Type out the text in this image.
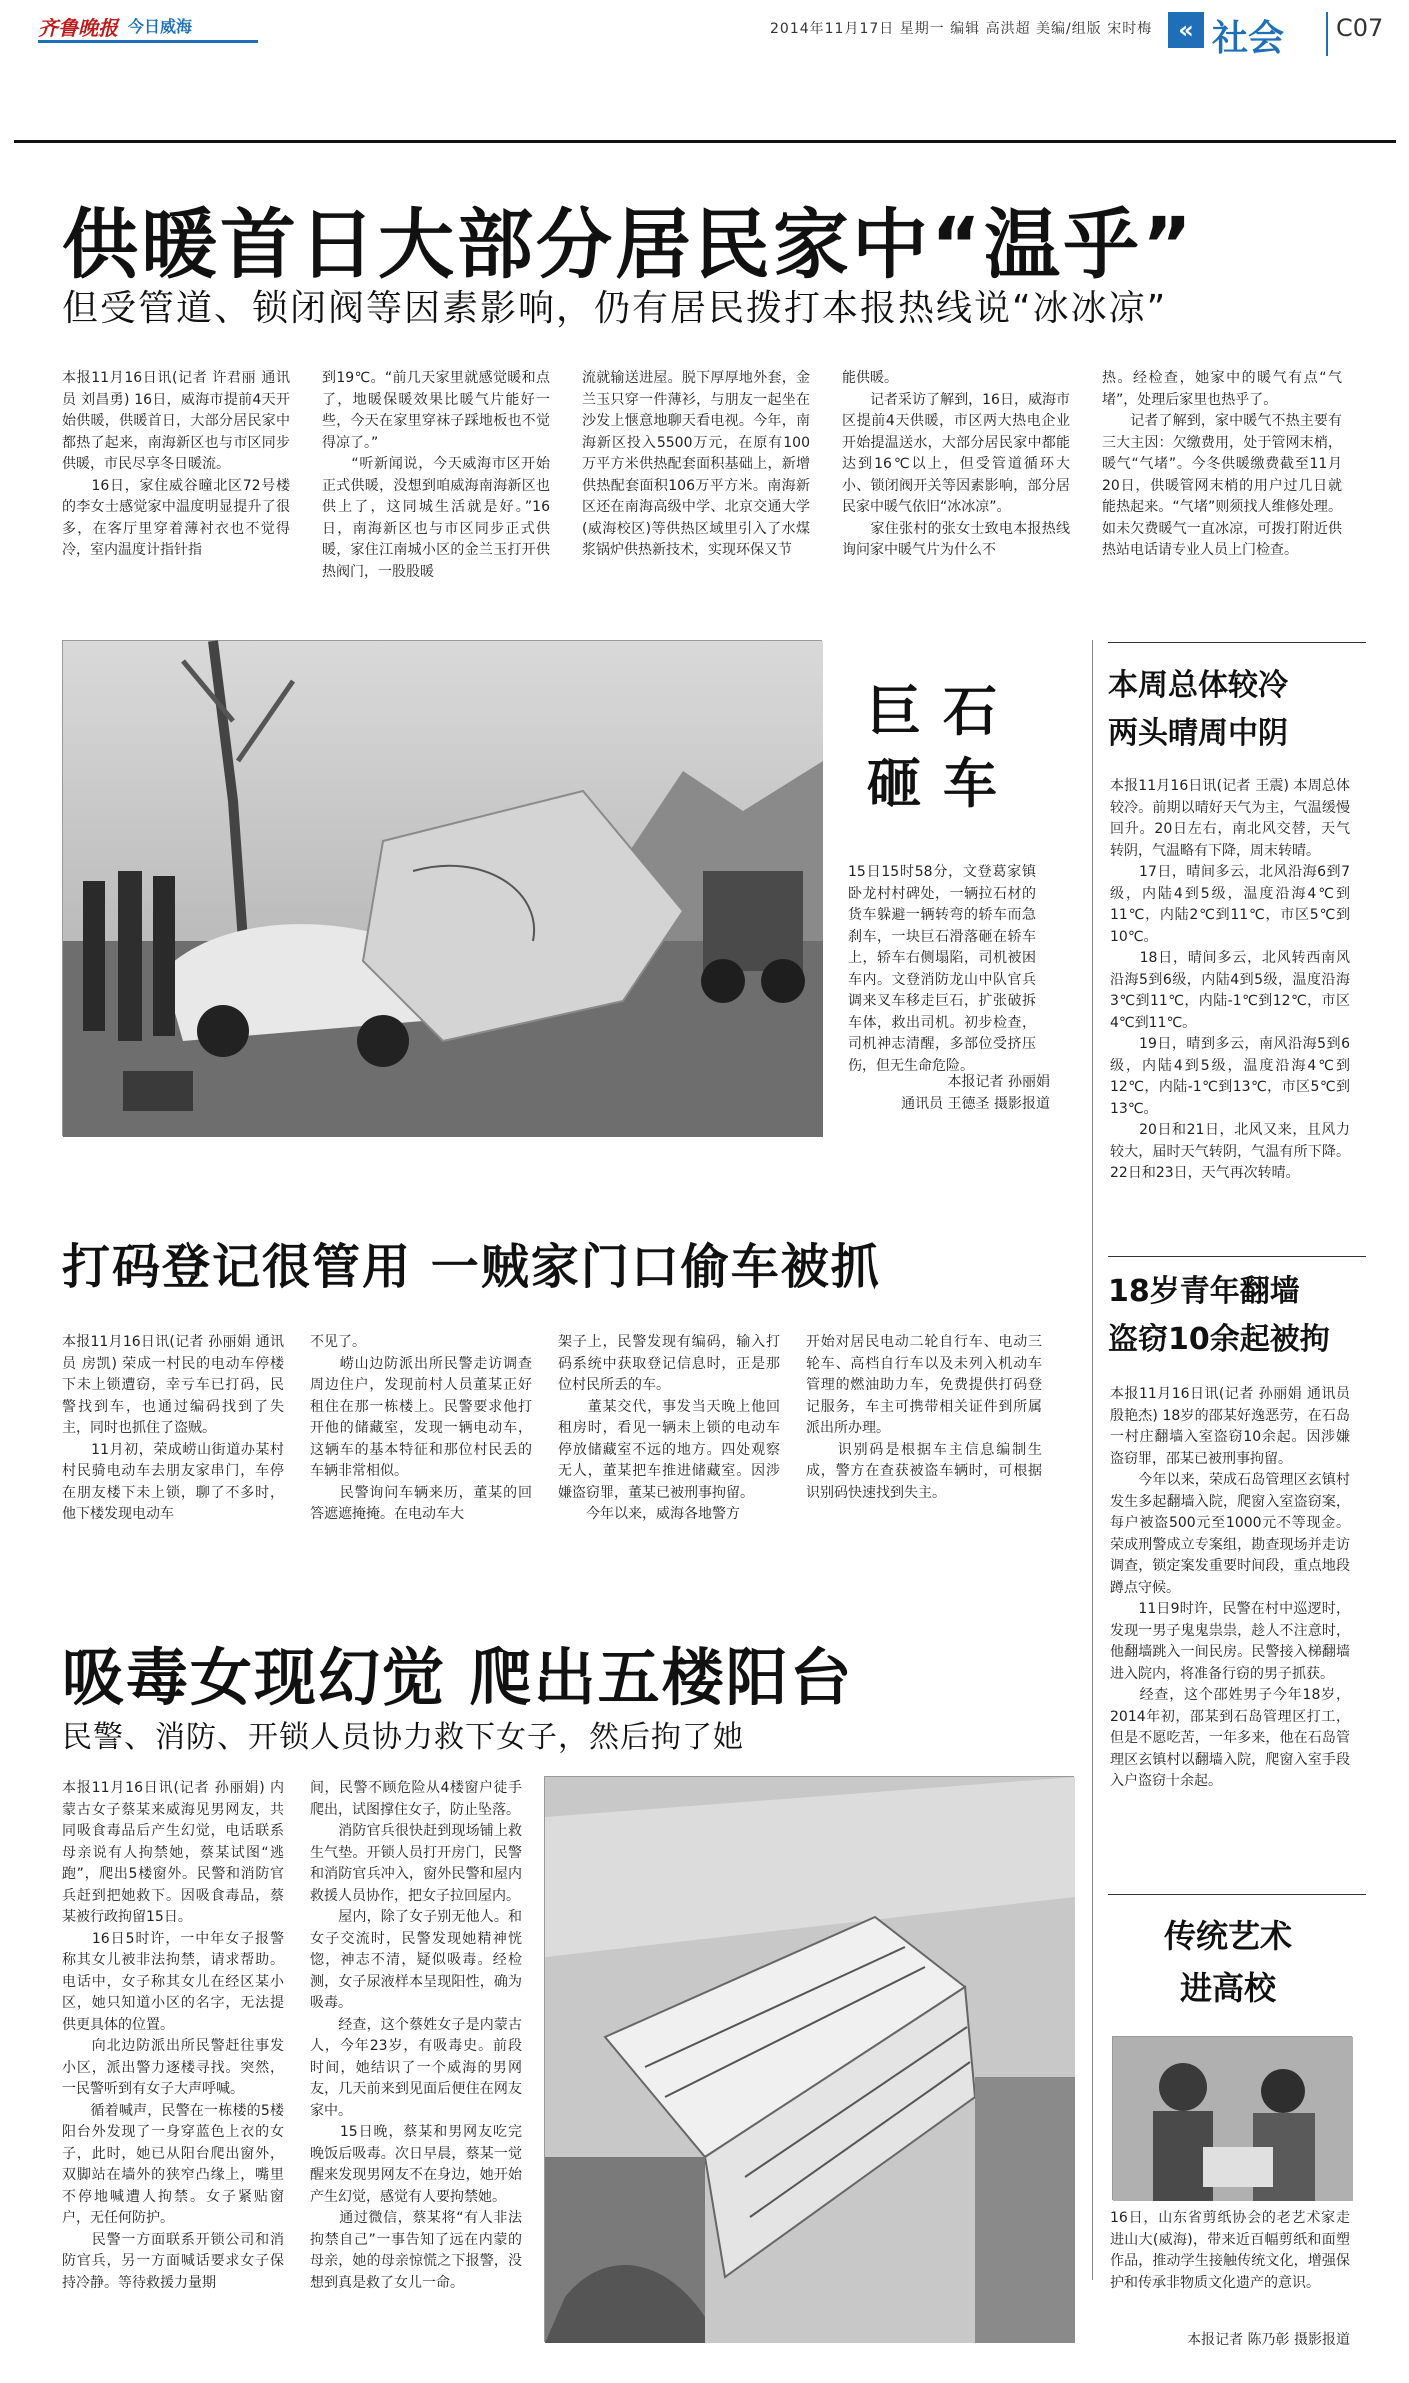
齐鲁晚报 今日威海	2014年11月17日 星期一 编辑 高洪超 美编/组版 宋时梅	« 社会 C07
供暖首日大部分居民家中“温乎”
但受管道、锁闭阀等因素影响，仍有居民拨打本报热线说“冰冰凉”
本报11月16日讯(记者 许君丽 通讯员 刘昌勇) 16日，威海市提前4天开始供暖，供暖首日，大部分居民家中都热了起来，南海新区也与市区同步供暖，市民尽享冬日暖流。
　　16日，家住威谷曈北区72号楼的李女士感觉家中温度明显提升了很多，在客厅里穿着薄衬衣也不觉得冷，室内温度计指针指
到19℃。“前几天家里就感觉暖和点了，地暖保暖效果比暖气片能好一些，今天在家里穿袜子踩地板也不觉得凉了。”
　　“听新闻说，今天威海市区开始正式供暖，没想到咱威海南海新区也供上了，这同城生活就是好。”16日，南海新区也与市区同步正式供暖，家住江南城小区的金兰玉打开供热阀门，一股股暖
流就输送进屋。脱下厚厚地外套，金兰玉只穿一件薄衫，与朋友一起坐在沙发上惬意地聊天看电视。今年，南海新区投入5500万元，在原有100万平方米供热配套面积基础上，新增供热配套面积106万平方米。南海新区还在南海高级中学、北京交通大学(威海校区)等供热区域里引入了水煤浆锅炉供热新技术，实现环保又节
能供暖。
　　记者采访了解到，16日，威海市区提前4天供暖，市区两大热电企业开始提温送水，大部分居民家中都能达到16℃以上，但受管道循环大小、锁闭阀开关等因素影响，部分居民家中暖气依旧“冰冰凉”。
　　家住张村的张女士致电本报热线询问家中暖气片为什么不
热。经检查，她家中的暖气有点“气堵”，处理后家里也热乎了。
　　记者了解到，家中暖气不热主要有三大主因：欠缴费用，处于管网末梢，暖气“气堵”。今冬供暖缴费截至11月20日，供暖管网末梢的用户过几日就能热起来。“气堵”则须找人维修处理。如未欠费暖气一直冰凉，可拨打附近供热站电话请专业人员上门检查。
巨石
砸车
15日15时58分，文登葛家镇卧龙村村碑处，一辆拉石材的货车躲避一辆转弯的轿车而急刹车，一块巨石滑落砸在轿车上，轿车右侧塌陷，司机被困车内。文登消防龙山中队官兵调来叉车移走巨石，扩张破拆车体，救出司机。初步检查，司机神志清醒，多部位受挤压伤，但无生命危险。
本报记者 孙丽娟
通讯员 王德圣 摄影报道
本周总体较冷
两头晴周中阴
本报11月16日讯(记者 王震) 本周总体较冷。前期以晴好天气为主，气温缓慢回升。20日左右，南北风交替，天气转阴，气温略有下降，周末转晴。
　　17日，晴间多云，北风沿海6到7级，内陆4到5级，温度沿海4℃到11℃，内陆2℃到11℃，市区5℃到10℃。
　　18日，晴间多云，北风转西南风沿海5到6级，内陆4到5级，温度沿海3℃到11℃，内陆-1℃到12℃，市区4℃到11℃。
　　19日，晴到多云，南风沿海5到6级，内陆4到5级，温度沿海4℃到12℃，内陆-1℃到13℃，市区5℃到13℃。
　　20日和21日，北风又来，且风力较大，届时天气转阴，气温有所下降。22日和23日，天气再次转晴。
打码登记很管用 一贼家门口偷车被抓
本报11月16日讯(记者 孙丽娟 通讯员 房凯) 荣成一村民的电动车停楼下未上锁遭窃，幸亏车已打码，民警找到车，也通过编码找到了失主，同时也抓住了盗贼。
　　11月初，荣成崂山街道办某村村民骑电动车去朋友家串门，车停在朋友楼下未上锁，聊了不多时，他下楼发现电动车
不见了。
　　崂山边防派出所民警走访调查周边住户，发现前村人员董某正好租住在那一栋楼上。民警要求他打开他的储藏室，发现一辆电动车，这辆车的基本特征和那位村民丢的车辆非常相似。
　　民警询问车辆来历，董某的回答遮遮掩掩。在电动车大
架子上，民警发现有编码，输入打码系统中获取登记信息时，正是那位村民所丢的车。
　　董某交代，事发当天晚上他回租房时，看见一辆未上锁的电动车停放储藏室不远的地方。四处观察无人，董某把车推进储藏室。因涉嫌盗窃罪，董某已被刑事拘留。
　　今年以来，威海各地警方
开始对居民电动二轮自行车、电动三轮车、高档自行车以及未列入机动车管理的燃油助力车，免费提供打码登记服务，车主可携带相关证件到所属派出所办理。
　　识别码是根据车主信息编制生成，警方在查获被盗车辆时，可根据识别码快速找到失主。
18岁青年翻墙
盗窃10余起被拘
本报11月16日讯(记者 孙丽娟 通讯员 殷艳杰) 18岁的邵某好逸恶劳，在石岛一村庄翻墙入室盗窃10余起。因涉嫌盗窃罪，邵某已被刑事拘留。
　　今年以来，荣成石岛管理区玄镇村发生多起翻墙入院，爬窗入室盗窃案，每户被盗500元至1000元不等现金。荣成刑警成立专案组，勘查现场并走访调查，锁定案发重要时间段，重点地段蹲点守候。
　　11日9时许，民警在村中巡逻时，发现一男子鬼鬼祟祟，趁人不注意时，他翻墙跳入一间民房。民警接入梯翻墙进入院内，将准备行窃的男子抓获。
　　经查，这个邵姓男子今年18岁，2014年初，邵某到石岛管理区打工，但是不愿吃苦，一年多来，他在石岛管理区玄镇村以翻墙入院，爬窗入室手段入户盗窃十余起。
吸毒女现幻觉 爬出五楼阳台
民警、消防、开锁人员协力救下女子，然后拘了她
本报11月16日讯(记者 孙丽娟) 内蒙古女子蔡某来威海见男网友，共同吸食毒品后产生幻觉，电话联系母亲说有人拘禁她，蔡某试图“逃跑”，爬出5楼窗外。民警和消防官兵赶到把她救下。因吸食毒品，蔡某被行政拘留15日。
　　16日5时许，一中年女子报警称其女儿被非法拘禁，请求帮助。电话中，女子称其女儿在经区某小区，她只知道小区的名字，无法提供更具体的位置。
　　向北边防派出所民警赶往事发小区，派出警力逐楼寻找。突然，一民警听到有女子大声呼喊。
　　循着喊声，民警在一栋楼的5楼阳台外发现了一身穿蓝色上衣的女子，此时，她已从阳台爬出窗外，双脚站在墙外的狭窄凸缘上，嘴里不停地喊遭人拘禁。女子紧贴窗户，无任何防护。
　　民警一方面联系开锁公司和消防官兵，另一方面喊话要求女子保持冷静。等待救援力量期
间，民警不顾危险从4楼窗户徒手爬出，试图撑住女子，防止坠落。
　　消防官兵很快赶到现场铺上救生气垫。开锁人员打开房门，民警和消防官兵冲入，窗外民警和屋内救援人员协作，把女子拉回屋内。
　　屋内，除了女子别无他人。和女子交流时，民警发现她精神恍惚，神志不清，疑似吸毒。经检测，女子尿液样本呈现阳性，确为吸毒。
　　经查，这个蔡姓女子是内蒙古人，今年23岁，有吸毒史。前段时间，她结识了一个威海的男网友，几天前来到见面后便住在网友家中。
　　15日晚，蔡某和男网友吃完晚饭后吸毒。次日早晨，蔡某一觉醒来发现男网友不在身边，她开始产生幻觉，感觉有人要拘禁她。
　　通过微信，蔡某将“有人非法拘禁自己”一事告知了远在内蒙的母亲，她的母亲惊慌之下报警，没想到真是救了女儿一命。
传统艺术
进高校
16日，山东省剪纸协会的老艺术家走进山大(威海)，带来近百幅剪纸和面塑作品，推动学生接触传统文化，增强保护和传承非物质文化遗产的意识。
本报记者 陈乃彰 摄影报道
